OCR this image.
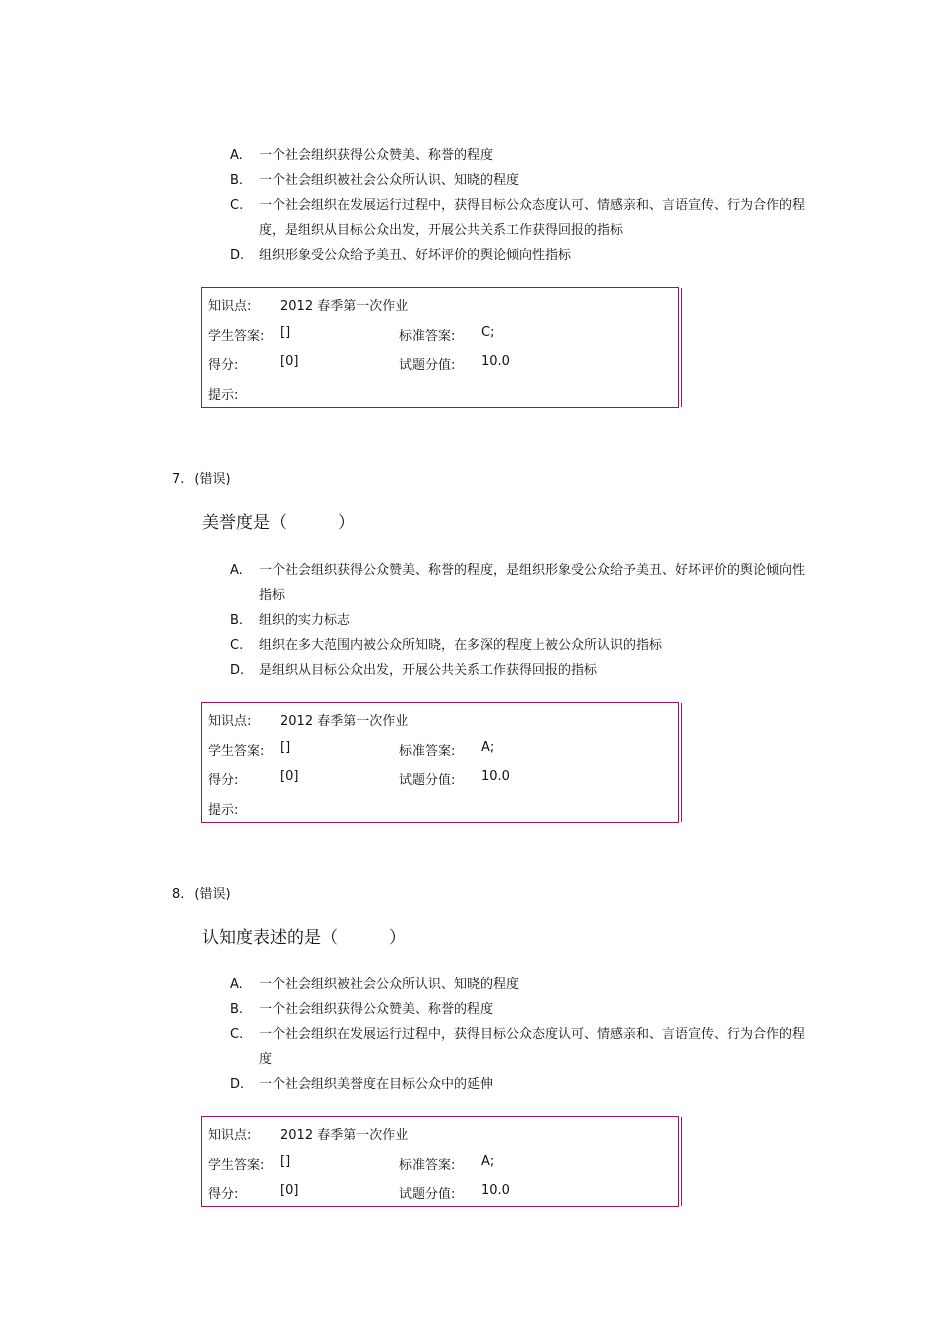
A. 一个社会组织获得公众赞美、称誉的程度
B. 一个社会组织被社会公众所认识、知晓的程度
C. 一个社会组织在发展运行过程中，获得目标公众态度认可、情感亲和、言语宣传、行为合作的程度，是组织从目标公众出发，开展公共关系工作获得回报的指标
D. 组织形象受公众给予美丑、好坏评价的舆论倾向性指标
知识点: 2012 春季第一次作业
学生答案: []	标准答案: C;
得分:	[0]	试题分值: 10.0
提示:
7. (错误)
美誉度是（　　　）
A. 一个社会组织获得公众赞美、称誉的程度，是组织形象受公众给予美丑、好坏评价的舆论倾向性指标
B. 组织的实力标志
C. 组织在多大范围内被公众所知晓，在多深的程度上被公众所认识的指标
D. 是组织从目标公众出发，开展公共关系工作获得回报的指标
知识点: 2012 春季第一次作业
学生答案: []	标准答案: A;
得分:	[0]	试题分值: 10.0
提示:
8. (错误)
认知度表述的是（　　　）
A. 一个社会组织被社会公众所认识、知晓的程度
B. 一个社会组织获得公众赞美、称誉的程度
C. 一个社会组织在发展运行过程中，获得目标公众态度认可、情感亲和、言语宣传、行为合作的程度
D. 一个社会组织美誉度在目标公众中的延伸
知识点: 2012 春季第一次作业
学生答案: []	标准答案: A;
得分:	[0]	试题分值: 10.0
